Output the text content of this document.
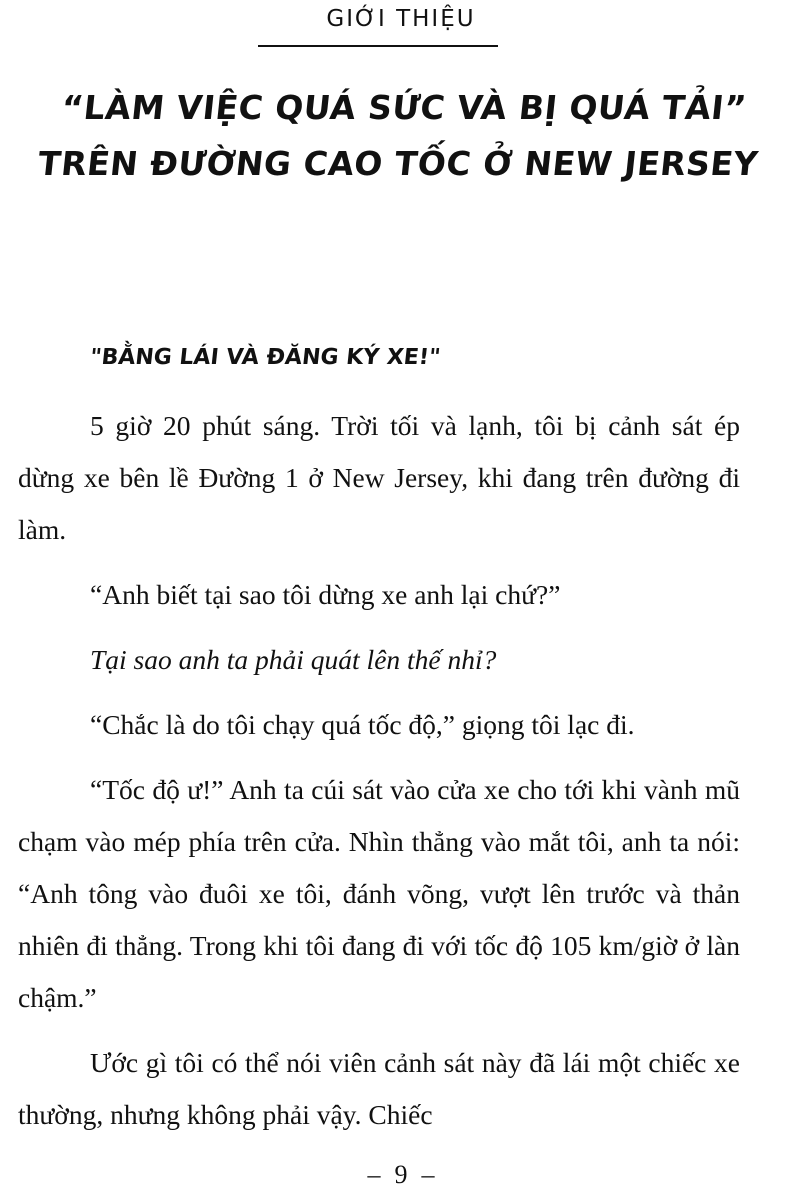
GIỚI THIỆU
“LÀM VIỆC QUÁ SỨC VÀ BỊ QUÁ TẢI”
TRÊN ĐƯỜNG CAO TỐC Ở NEW JERSEY
"BẰNG LÁI VÀ ĐĂNG KÝ XE!"

5 giờ 20 phút sáng. Trời tối và lạnh, tôi bị cảnh sát ép dừng xe bên lề Đường 1 ở New Jersey, khi đang trên đường đi làm.

“Anh biết tại sao tôi dừng xe anh lại chứ?”

Tại sao anh ta phải quát lên thế nhỉ?

“Chắc là do tôi chạy quá tốc độ,” giọng tôi lạc đi.

“Tốc độ ư!” Anh ta cúi sát vào cửa xe cho tới khi vành mũ chạm vào mép phía trên cửa. Nhìn thẳng vào mắt tôi, anh ta nói: “Anh tông vào đuôi xe tôi, đánh võng, vượt lên trước và thản nhiên đi thẳng. Trong khi tôi đang đi với tốc độ 105 km/giờ ở làn chậm.”

Ước gì tôi có thể nói viên cảnh sát này đã lái một chiếc xe thường, nhưng không phải vậy. Chiếc

– 9 –
